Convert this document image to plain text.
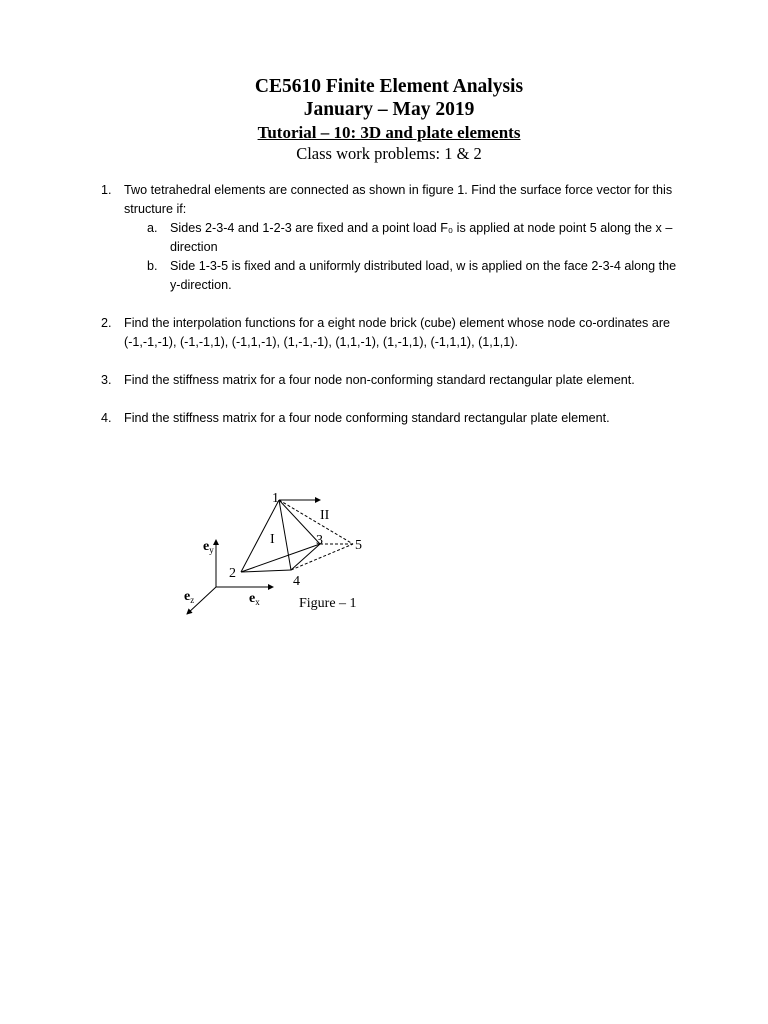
CE5610 Finite Element Analysis
January – May 2019
Tutorial – 10: 3D and plate elements
Class work problems: 1 & 2
1. Two tetrahedral elements are connected as shown in figure 1. Find the surface force vector for this structure if:
a. Sides 2-3-4 and 1-2-3 are fixed and a point load F₀ is applied at node point 5 along the x –direction
b. Side 1-3-5 is fixed and a uniformly distributed load, w is applied on the face 2-3-4 along the y-direction.
2. Find the interpolation functions for a eight node brick (cube) element whose node co-ordinates are (-1,-1,-1), (-1,-1,1), (-1,1,-1), (1,-1,-1), (1,1,-1), (1,-1,1), (-1,1,1), (1,1,1).
3. Find the stiffness matrix for a four node non-conforming standard rectangular plate element.
4. Find the stiffness matrix for a four node conforming standard rectangular plate element.
1
2
3
4
5
I
II
$e_y$
$e_x$
$e_z$	Figure – 1
